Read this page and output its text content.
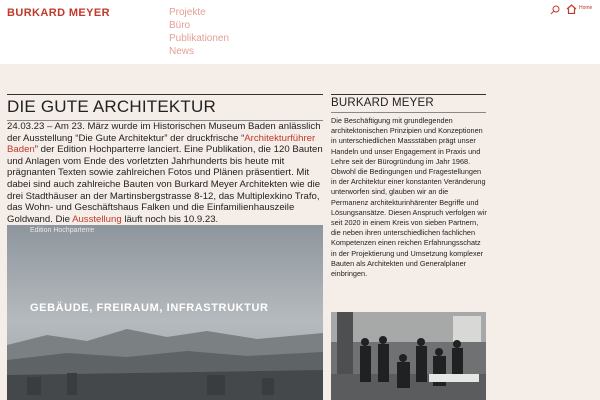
BURKARD MEYER	Projekte
Büro
Publikationen
News
Home
DIE GUTE ARCHITEKTUR
24.03.23 – Am 23. März wurde im Historischen Museum Baden anlässlich der Ausstellung “Die Gute Architektur” der druckfrische “Architekturführer Baden” der Edition Hochparterre lanciert. Eine Publikation, die 120 Bauten und Anlagen vom Ende des vorletzten Jahrhunderts bis heute mit prägnanten Texten sowie zahlreichen Fotos und Plänen präsentiert. Mit dabei sind auch zahlreiche Bauten von Burkard Meyer Architekten wie die drei Stadthäuser an der Martinsbergstrasse 8-12, das Multiplexkino Trafo, das Wohn- und Geschäftshaus Falken und die Einfamilienhauszeile Goldwand. Die Ausstellung läuft noch bis 10.9.23.
Edition Hochparterre
GEBÄUDE, FREIRAUM, INFRASTRUKTUR
BURKARD MEYER
Die Beschäftigung mit grundlegenden architektonischen Prinzipien und Konzeptionen in unterschiedlichen Massstäben prägt unser Handeln und unser Engagement in Praxis und Lehre seit der Bürogründung im Jahr 1968. Obwohl die Bedingungen und Fragestellungen in der Architektur einer konstanten Veränderung unterworfen sind, glauben wir an die Permanenz architekturinhärenter Begriffe und Lösungsansätze. Diesen Anspruch verfolgen wir seit 2020 in einem Kreis von sieben Partnern, die neben ihren unterschiedlichen fachlichen Kompetenzen einen reichen Erfahrungsschatz in der Projektierung und Umsetzung komplexer Bauten als Architekten und Generalplaner einbringen.
